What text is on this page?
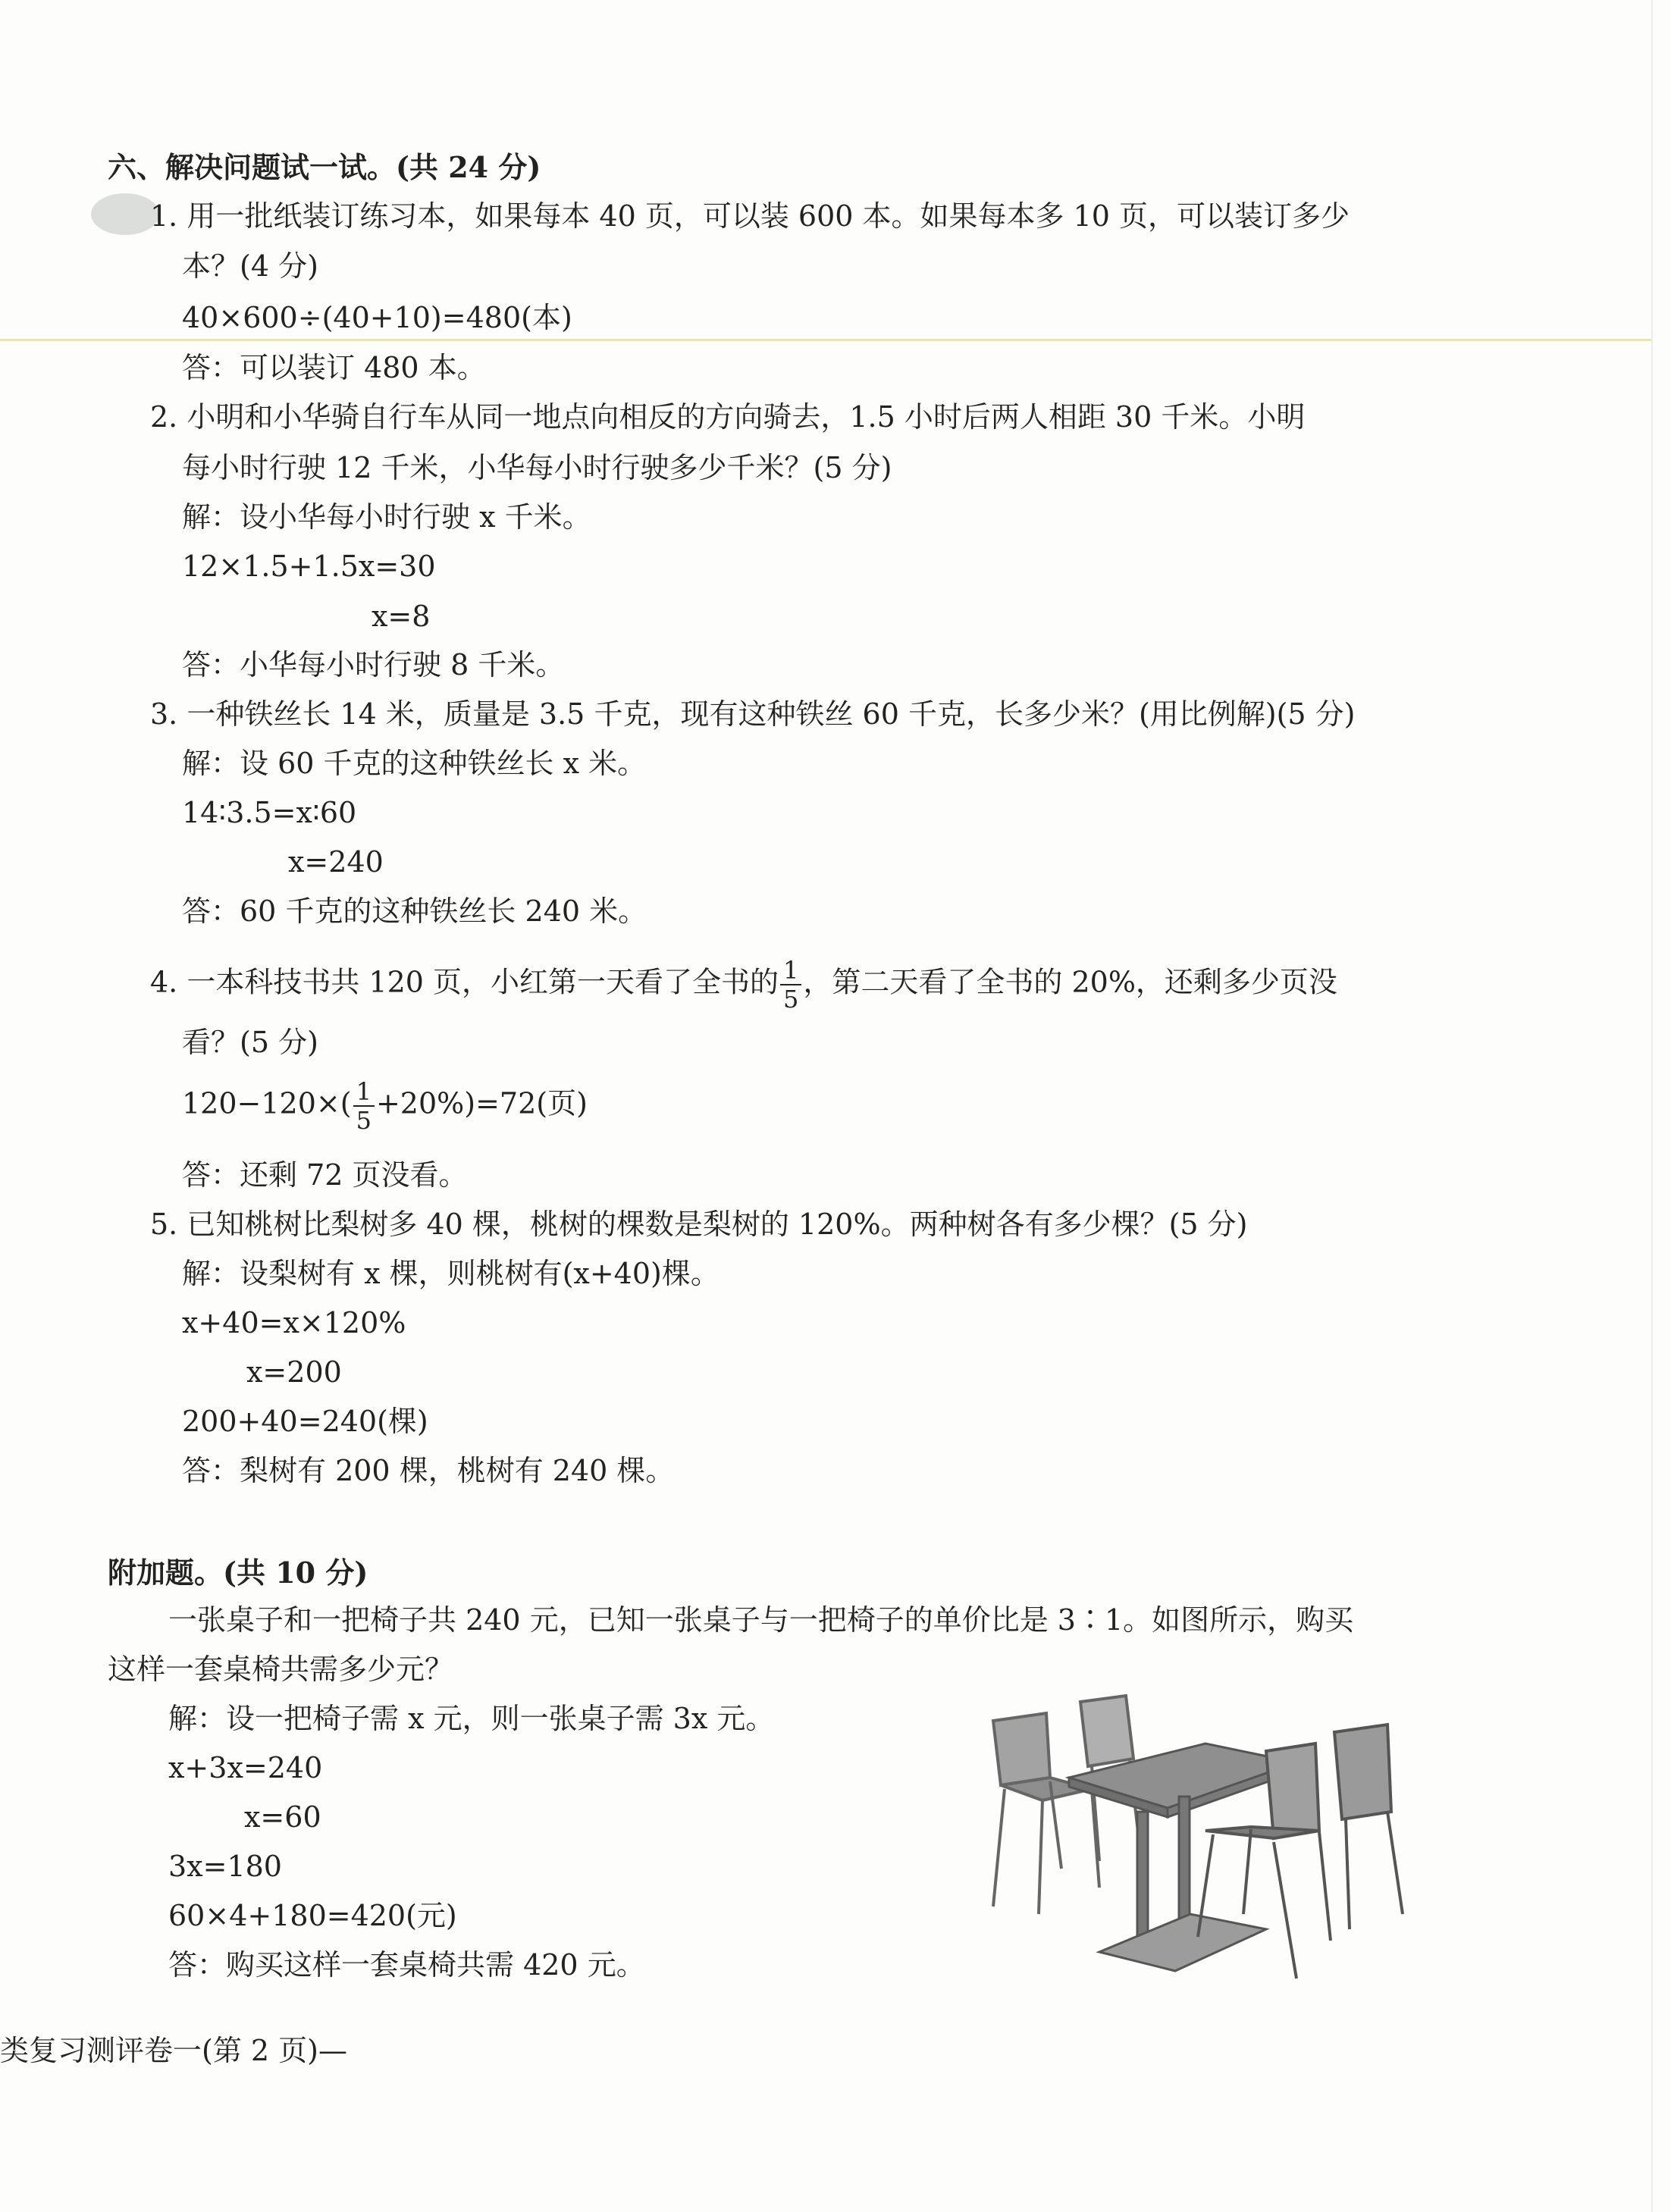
六、解决问题试一试。(共 24 分)
1. 用一批纸装订练习本，如果每本 40 页，可以装 600 本。如果每本多 10 页，可以装订多少
本？(4 分)
40×600÷(40+10)=480(本)
答：可以装订 480 本。
2. 小明和小华骑自行车从同一地点向相反的方向骑去，1.5 小时后两人相距 30 千米。小明
每小时行驶 12 千米，小华每小时行驶多少千米？(5 分)
解：设小华每小时行驶 x 千米。
12×1.5+1.5x=30
x=8
答：小华每小时行驶 8 千米。
3. 一种铁丝长 14 米，质量是 3.5 千克，现有这种铁丝 60 千克，长多少米？(用比例解)(5 分)
解：设 60 千克的这种铁丝长 x 米。
14∶3.5=x∶60
x=240
答：60 千克的这种铁丝长 240 米。
4. 一本科技书共 120 页，小红第一天看了全书的 $\frac{1}{5}$ ，第二天看了全书的 20%，还剩多少页没
看？(5 分)
$120-120\times( \frac{1}{5} +20\%)=72$(页)
答：还剩 72 页没看。
5. 已知桃树比梨树多 40 棵，桃树的棵数是梨树的 120%。两种树各有多少棵？(5 分)
解：设梨树有 x 棵，则桃树有(x+40)棵。
x+40=x×120%
x=200
200+40=240(棵)
答：梨树有 200 棵，桃树有 240 棵。
附加题。(共 10 分)
一张桌子和一把椅子共 240 元，已知一张桌子与一把椅子的单价比是 3∶1。如图所示，购买
这样一套桌椅共需多少元？
解：设一把椅子需 x 元，则一张桌子需 3x 元。
x+3x=240
x=60
3x=180
60×4+180=420(元)
答：购买这样一套桌椅共需 420 元。
类复习测评卷一(第 2 页)—
